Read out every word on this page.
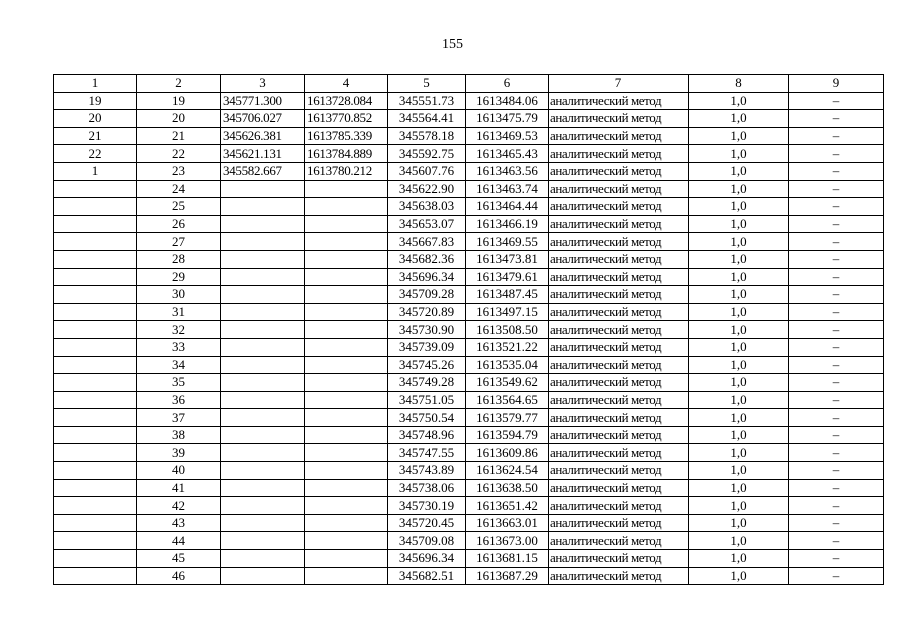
155
1	2	3	4	5	6	7	8	9
19	19	345771.300	1613728.084	345551.73	1613484.06	аналитический метод	1,0	–
20	20	345706.027	1613770.852	345564.41	1613475.79	аналитический метод	1,0	–
21	21	345626.381	1613785.339	345578.18	1613469.53	аналитический метод	1,0	–
22	22	345621.131	1613784.889	345592.75	1613465.43	аналитический метод	1,0	–
1	23	345582.667	1613780.212	345607.76	1613463.56	аналитический метод	1,0	–
	24			345622.90	1613463.74	аналитический метод	1,0	–
	25			345638.03	1613464.44	аналитический метод	1,0	–
	26			345653.07	1613466.19	аналитический метод	1,0	–
	27			345667.83	1613469.55	аналитический метод	1,0	–
	28			345682.36	1613473.81	аналитический метод	1,0	–
	29			345696.34	1613479.61	аналитический метод	1,0	–
	30			345709.28	1613487.45	аналитический метод	1,0	–
	31			345720.89	1613497.15	аналитический метод	1,0	–
	32			345730.90	1613508.50	аналитический метод	1,0	–
	33			345739.09	1613521.22	аналитический метод	1,0	–
	34			345745.26	1613535.04	аналитический метод	1,0	–
	35			345749.28	1613549.62	аналитический метод	1,0	–
	36			345751.05	1613564.65	аналитический метод	1,0	–
	37			345750.54	1613579.77	аналитический метод	1,0	–
	38			345748.96	1613594.79	аналитический метод	1,0	–
	39			345747.55	1613609.86	аналитический метод	1,0	–
	40			345743.89	1613624.54	аналитический метод	1,0	–
	41			345738.06	1613638.50	аналитический метод	1,0	–
	42			345730.19	1613651.42	аналитический метод	1,0	–
	43			345720.45	1613663.01	аналитический метод	1,0	–
	44			345709.08	1613673.00	аналитический метод	1,0	–
	45			345696.34	1613681.15	аналитический метод	1,0	–
	46			345682.51	1613687.29	аналитический метод	1,0	–
